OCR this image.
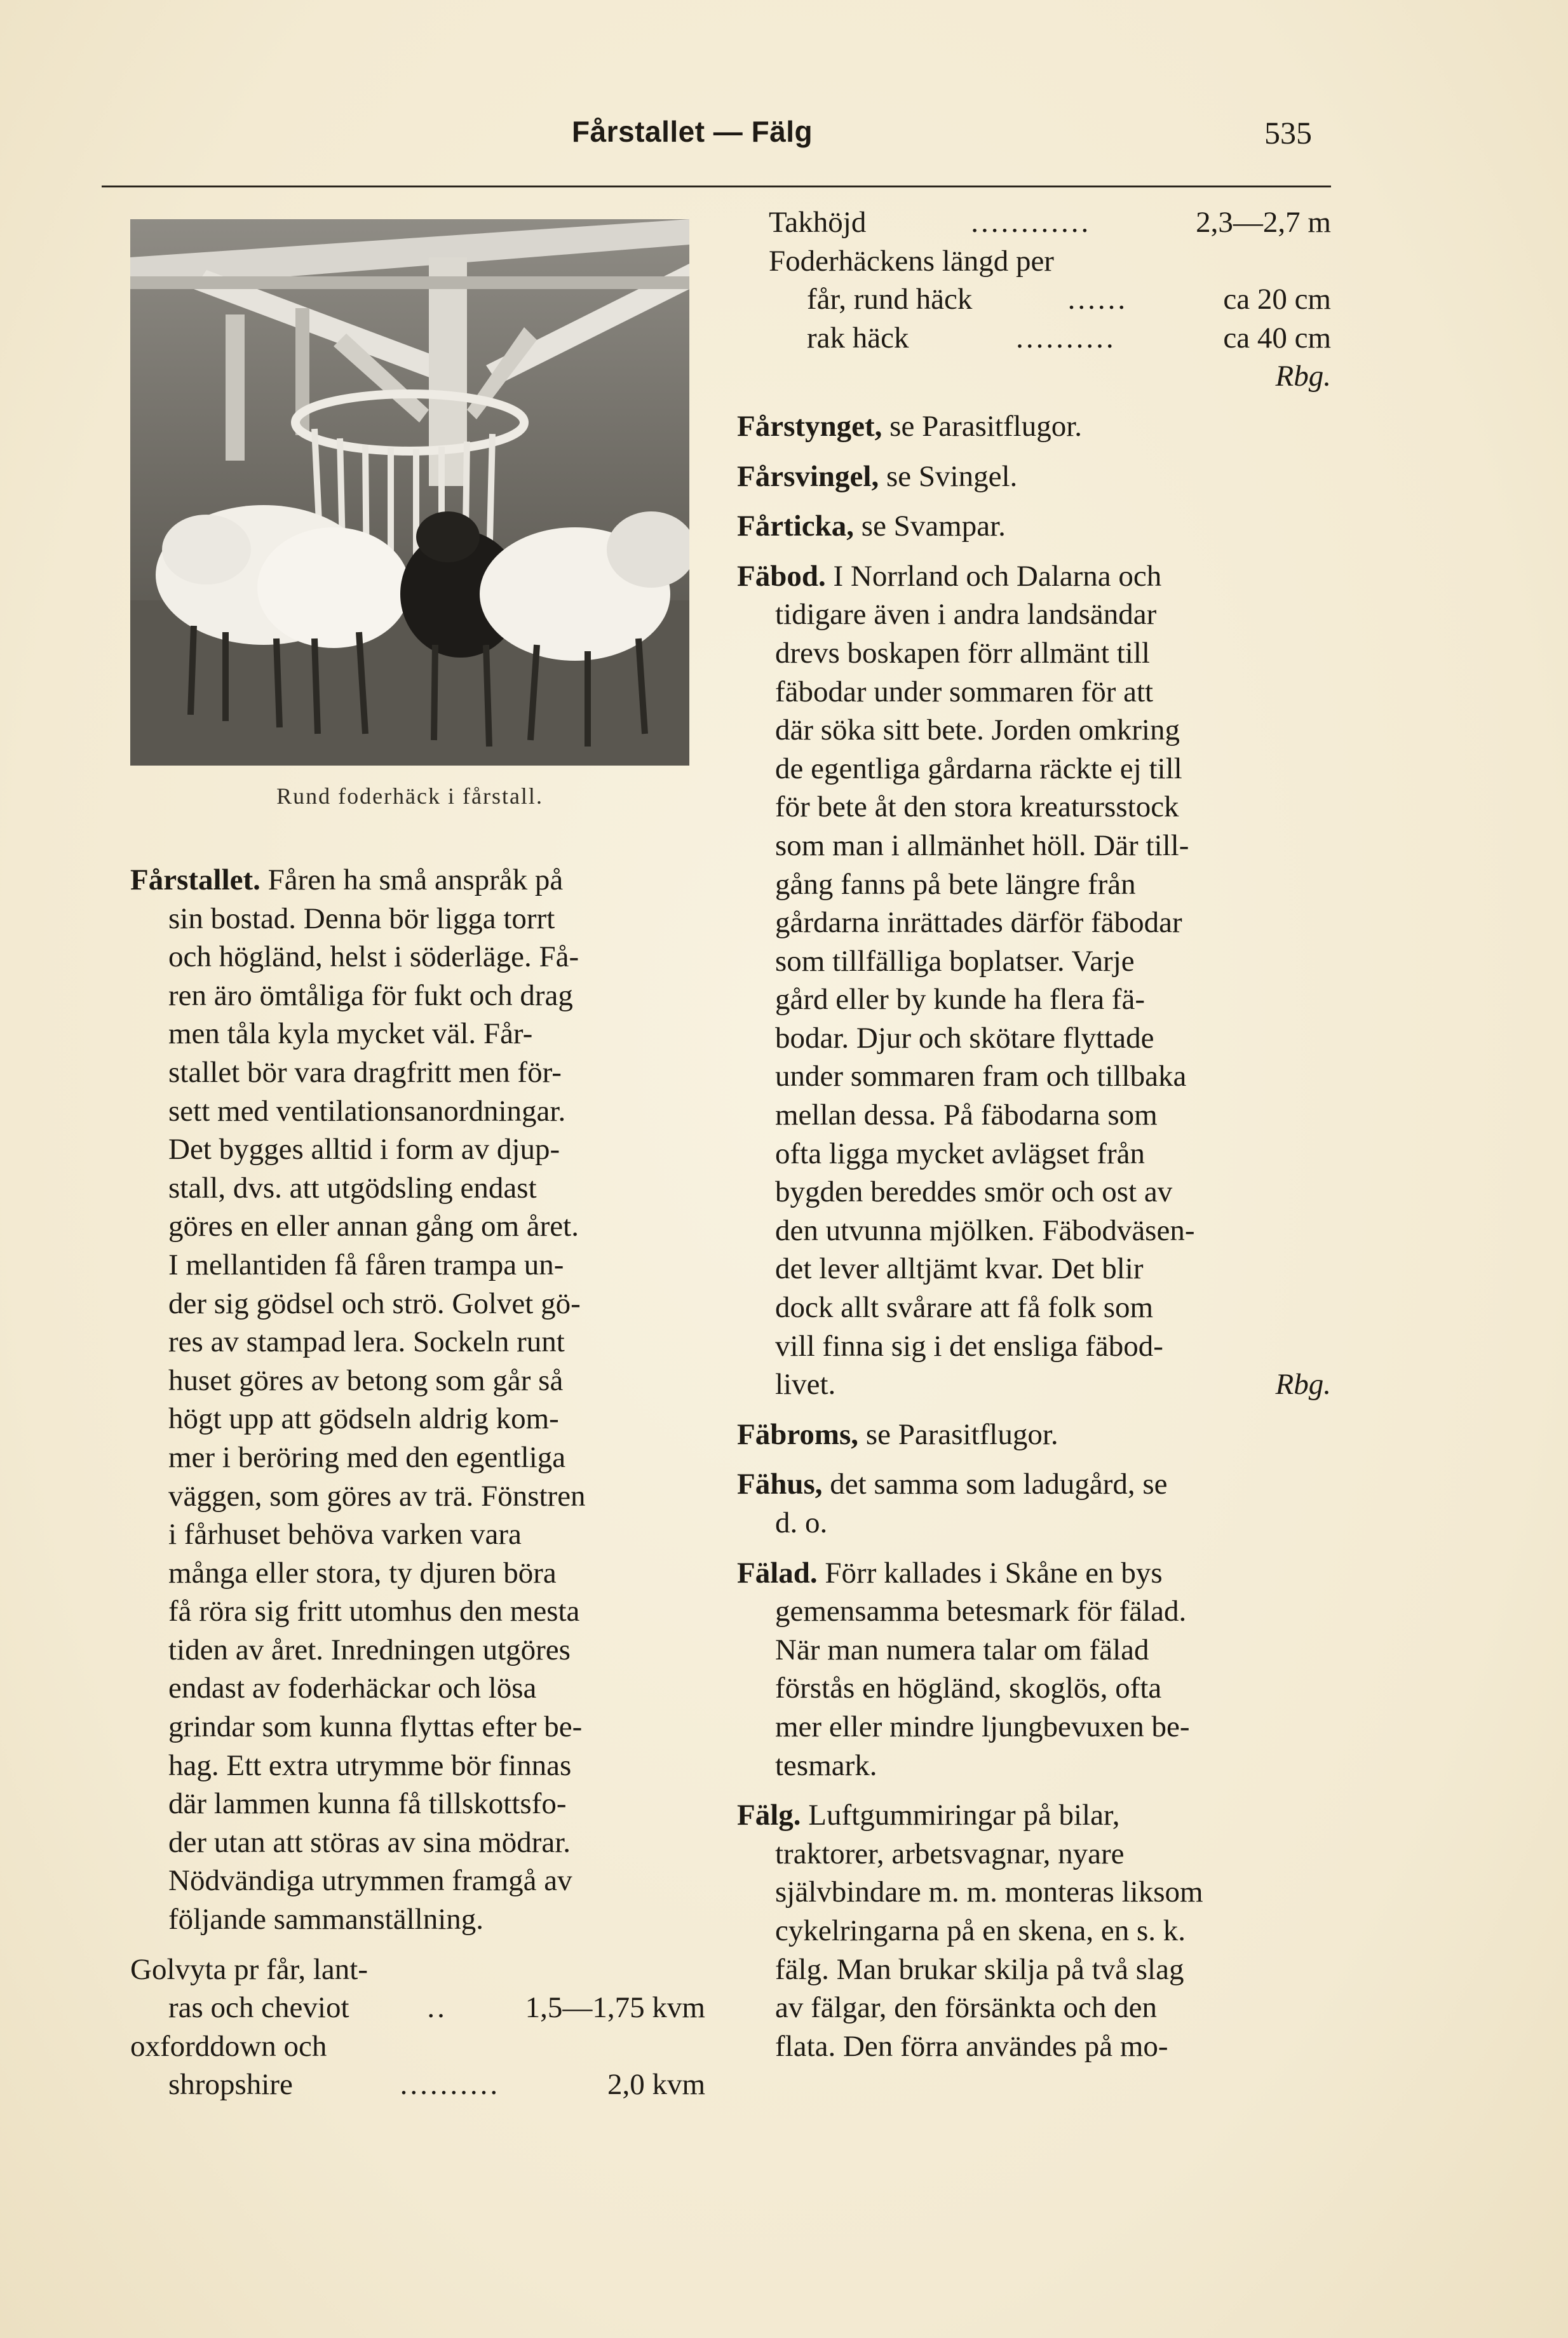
Fårstallet — Fälg	535
Rund foderhäck i fårstall.

Fårstallet. Fåren ha små anspråk på

sin bostad. Denna bör ligga torrt
och högländ, helst i söderläge. Få-
ren äro ömtåliga för fukt och drag
men tåla kyla mycket väl. Får-
stallet bör vara dragfritt men för-
sett med ventilationsanordningar.
Det bygges alltid i form av djup-
stall, dvs. att utgödsling endast
göres en eller annan gång om året.
I mellantiden få fåren trampa un-
der sig gödsel och strö. Golvet gö-
res av stampad lera. Sockeln runt
huset göres av betong som går så
högt upp att gödseln aldrig kom-
mer i beröring med den egentliga
väggen, som göres av trä. Fönstren
i fårhuset behöva varken vara
många eller stora, ty djuren böra
få röra sig fritt utomhus den mesta
tiden av året. Inredningen utgöres
endast av foderhäckar och lösa
grindar som kunna flyttas efter be-
hag. Ett extra utrymme bör finnas
där lammen kunna få tillskottsfo-
der utan att störas av sina mödrar.
Nödvändiga utrymmen framgå av
följande sammanställning.
Golvyta pr får, lant-
ras och cheviot	..	1,5—1,75 kvm
oxforddown och
shropshire	..........	2,0 kvm
Takhöjd	............	2,3—2,7 m
Foderhäckens längd per
får, rund häck	......	ca 20 cm
rak häck	..........	ca 40 cm
Rbg.

Fårstynget, se Parasitflugor.

Fårsvingel, se Svingel.

Fårticka, se Svampar.

Fäbod. I Norrland och Dalarna och

tidigare även i andra landsändar
drevs boskapen förr allmänt till
fäbodar under sommaren för att
där söka sitt bete. Jorden omkring
de egentliga gårdarna räckte ej till
för bete åt den stora kreatursstock
som man i allmänhet höll. Där till-
gång fanns på bete längre från
gårdarna inrättades därför fäbodar
som tillfälliga boplatser. Varje
gård eller by kunde ha flera fä-
bodar. Djur och skötare flyttade
under sommaren fram och tillbaka
mellan dessa. På fäbodarna som
ofta ligga mycket avlägset från
bygden bereddes smör och ost av
den utvunna mjölken. Fäbodväsen-
det lever alltjämt kvar. Det blir
dock allt svårare att få folk som
vill finna sig i det ensliga fäbod-
livet.	Rbg.

Fäbroms, se Parasitflugor.

Fähus, det samma som ladugård, se

d. o.

Fälad. Förr kallades i Skåne en bys

gemensamma betesmark för fälad.
När man numera talar om fälad
förstås en högländ, skoglös, ofta
mer eller mindre ljungbevuxen be-
tesmark.

Fälg. Luftgummiringar på bilar,

traktorer, arbetsvagnar, nyare
självbindare m. m. monteras liksom
cykelringarna på en skena, en s. k.
fälg. Man brukar skilja på två slag
av fälgar, den försänkta och den
flata. Den förra användes på mo-
